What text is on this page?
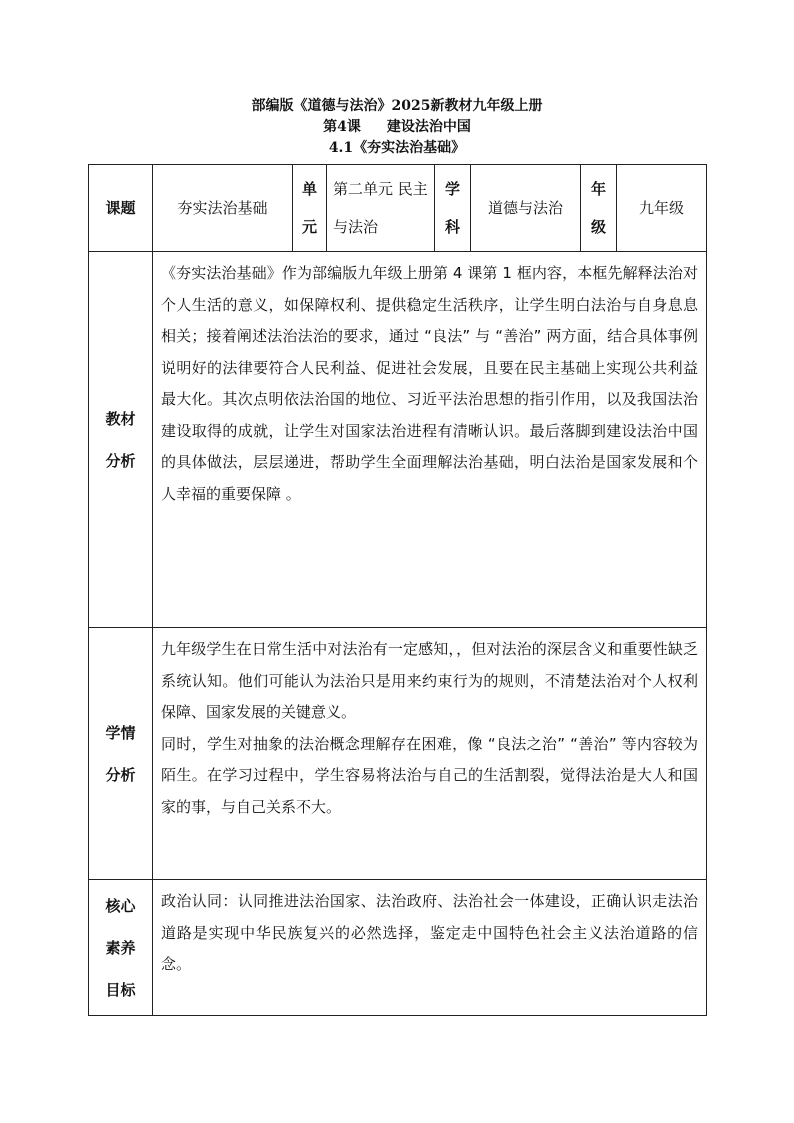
部编版《道德与法治》2025新教材九年级上册
第4课 建设法治中国
4.1《夯实法治基础》
课题	夯实法治基础	单元	第二单元 民主与法治	学科	道德与法治	年级	九年级
教材分析	《夯实法治基础》作为部编版九年级上册第 4 课第 1 框内容，本框先解释法治对个人生活的意义，如保障权利、提供稳定生活秩序，让学生明白法治与自身息息相关；接着阐述法治法治的要求，通过 “良法” 与 “善治” 两方面，结合具体事例说明好的法律要符合人民利益、促进社会发展，且要在民主基础上实现公共利益最大化。其次点明依法治国的地位、习近平法治思想的指引作用，以及我国法治建设取得的成就，让学生对国家法治进程有清晰认识。最后落脚到建设法治中国的具体做法，层层递进，帮助学生全面理解法治基础，明白法治是国家发展和个人幸福的重要保障 。						
学情分析	九年级学生在日常生活中对法治有一定感知，，但对法治的深层含义和重要性缺乏系统认知。他们可能认为法治只是用来约束行为的规则，不清楚法治对个人权利保障、国家发展的关键意义。

同时，学生对抽象的法治概念理解存在困难，像 “良法之治” “善治” 等内容较为陌生。在学习过程中，学生容易将法治与自己的生活割裂，觉得法治是大人和国家的事，与自己关系不大。						

核心素养目标	政治认同：认同推进法治国家、法治政府、法治社会一体建设，正确认识走法治道路是实现中华民族复兴的必然选择，鉴定走中国特色社会主义法治道路的信念。						
